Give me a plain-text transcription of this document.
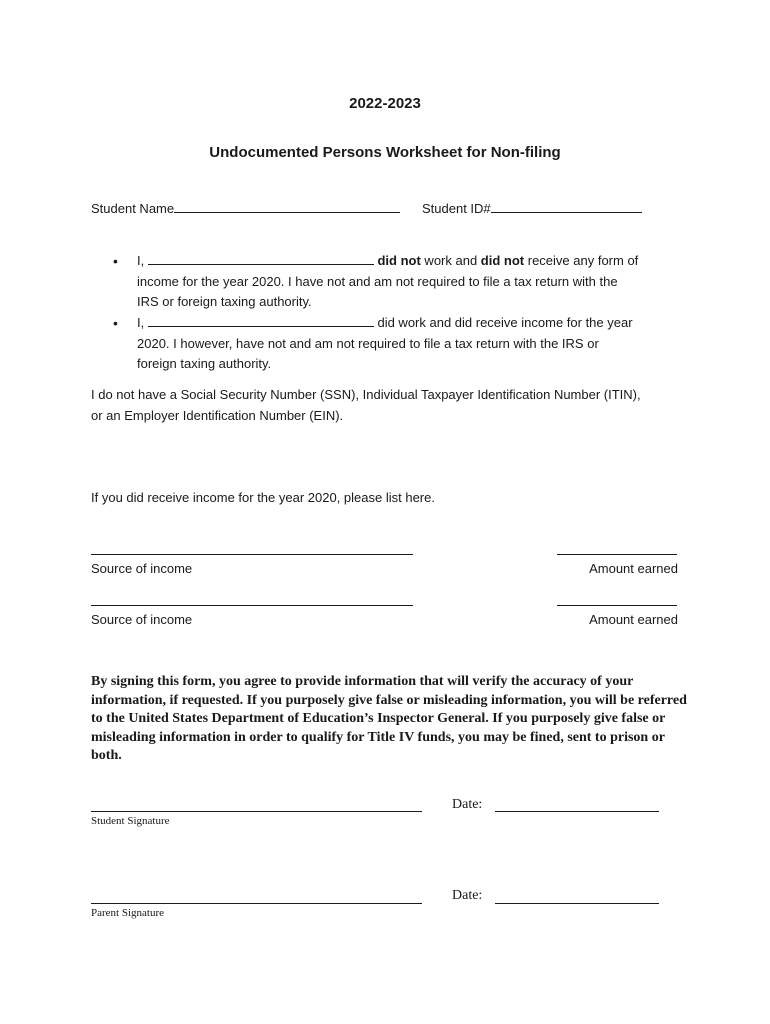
2022-2023
Undocumented Persons Worksheet for Non-filing
Student Name	Student ID#
• I,	did not work and did not receive any form of
income for the year 2020. I have not and am not required to file a tax return with the
IRS or foreign taxing authority.
• I,	did work and did receive income for the year
2020. I however, have not and am not required to file a tax return with the IRS or
foreign taxing authority.
I do not have a Social Security Number (SSN), Individual Taxpayer Identification Number (ITIN),
or an Employer Identification Number (EIN).
If you did receive income for the year 2020, please list here.
Source of income	Amount earned
Source of income	Amount earned
By signing this form, you agree to provide information that will verify the accuracy of your information, if requested. If you purposely give false or misleading information, you will be referred to the United States Department of Education’s Inspector General. If you purposely give false or misleading information in order to qualify for Title IV funds, you may be fined, sent to prison or both.
Student Signature
Date:
Parent Signature
Date:
